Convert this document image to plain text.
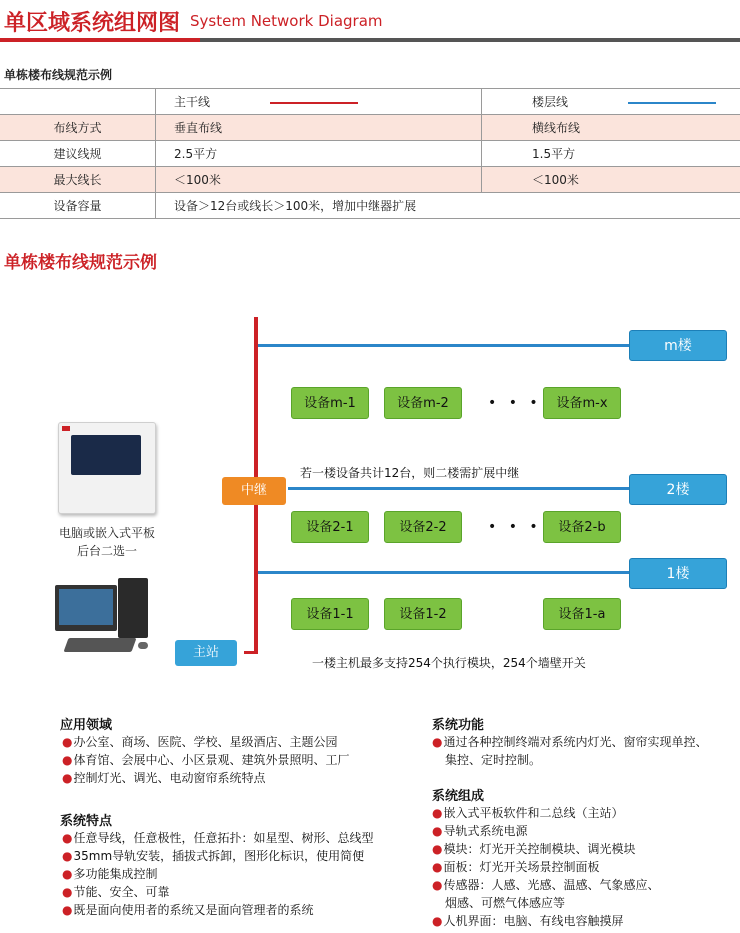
单区域系统组网图 System Network Diagram
单栋楼布线规范示例
	主干线	楼层线
布线方式	垂直布线	横线布线
建议线规	2.5平方	1.5平方
最大线长	＜100米	＜100米
设备容量	设备＞12台或线长＞100米，增加中继器扩展	
单栋楼布线规范示例
m楼
2楼
1楼
设备m-1	设备m-2	• • •	设备m-x
若一楼设备共计12台，则二楼需扩展中继
中继
设备2-1	设备2-2	• • •	设备2-b
设备1-1	设备1-2	设备1-a
一楼主机最多支持254个执行模块，254个墙壁开关
主站
电脑或嵌入式平板
后台二选一
应用领域
●办公室、商场、医院、学校、星级酒店、主题公园
●体育馆、会展中心、小区景观、建筑外景照明、工厂
●控制灯光、调光、电动窗帘系统特点
系统特点
●任意导线，任意极性，任意拓扑：如星型、树形、总线型
●35mm导轨安装，插拔式拆卸，图形化标识，使用简便
●多功能集成控制
●节能、安全、可靠
●既是面向使用者的系统又是面向管理者的系统
系统功能
●通过各种控制终端对系统内灯光、窗帘实现单控、
集控、定时控制。
系统组成
●嵌入式平板软件和二总线（主站）
●导轨式系统电源
●模块：灯光开关控制模块、调光模块
●面板：灯光开关场景控制面板
●传感器：人感、光感、温感、气象感应、
烟感、可燃气体感应等
●人机界面：电脑、有线电容触摸屏
